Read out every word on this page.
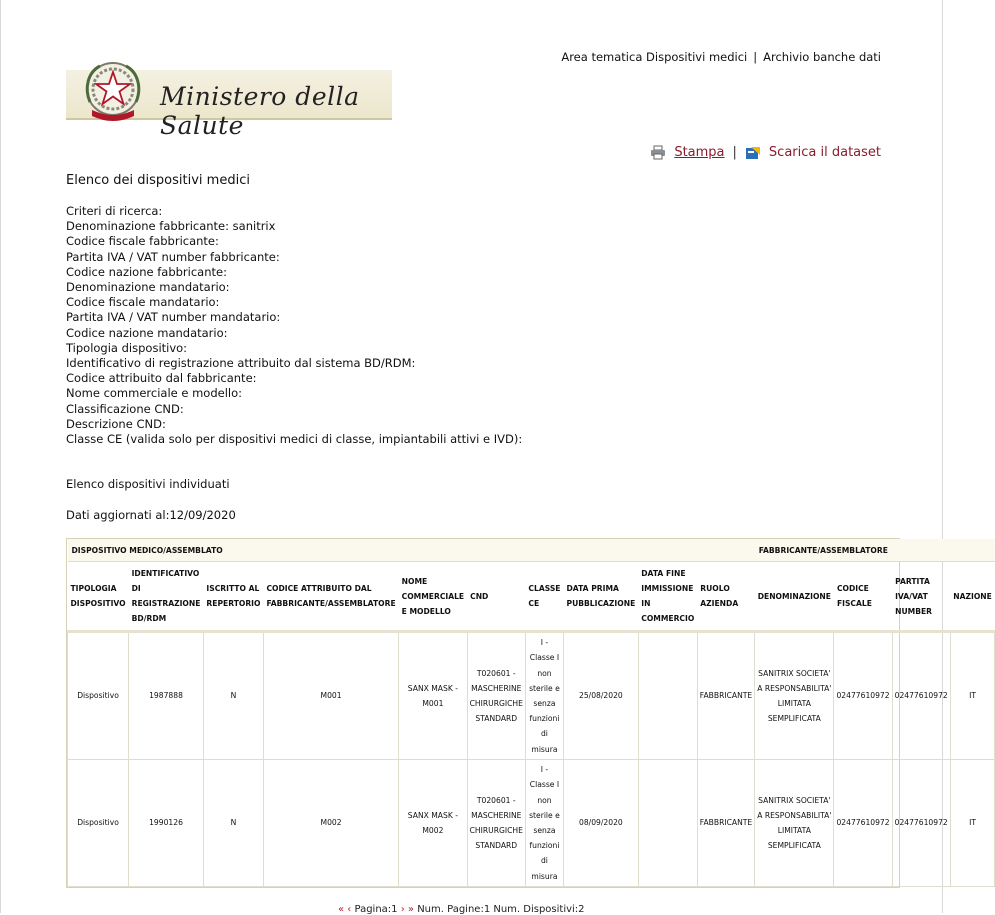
Area tematica Dispositivi medici | Archivio banche dati
Ministero della Salute
Stampa | Scarica il dataset
Elenco dei dispositivi medici
Criteri di ricerca:
Denominazione fabbricante: sanitrix
Codice fiscale fabbricante:
Partita IVA / VAT number fabbricante:
Codice nazione fabbricante:
Denominazione mandatario:
Codice fiscale mandatario:
Partita IVA / VAT number mandatario:
Codice nazione mandatario:
Tipologia dispositivo:
Identificativo di registrazione attribuito dal sistema BD/RDM:
Codice attribuito dal fabbricante:
Nome commerciale e modello:
Classificazione CND:
Descrizione CND:
Classe CE (valida solo per dispositivi medici di classe, impiantabili attivi e IVD):
Elenco dispositivi individuati
Dati aggiornati al:12/09/2020
DISPOSITIVO MEDICO/ASSEMBLATO										FABBRICANTE/ASSEMBLATORE			
TIPOLOGIA DISPOSITIVO	IDENTIFICATIVO DI REGISTRAZIONE BD/RDM	ISCRITTO AL REPERTORIO	CODICE ATTRIBUITO DAL FABBRICANTE/ASSEMBLATORE	NOME COMMERCIALE E MODELLO	CND	CLASSE CE	DATA PRIMA PUBBLICAZIONE	DATA FINE IMMISSIONE IN COMMERCIO	RUOLO AZIENDA	DENOMINAZIONE	CODICE FISCALE	PARTITA IVA/VAT NUMBER	NAZIONE
Dispositivo	1987888	N	M001	SANX MASK - M001	T020601 - MASCHERINE CHIRURGICHE STANDARD	I - Classe I non sterile e senza funzioni di misura	25/08/2020		FABBRICANTE	SANITRIX SOCIETA' A RESPONSABILITA' LIMITATA SEMPLIFICATA	02477610972	02477610972	IT
Dispositivo	1990126	N	M002	SANX MASK - M002	T020601 - MASCHERINE CHIRURGICHE STANDARD	I - Classe I non sterile e senza funzioni di misura	08/09/2020		FABBRICANTE	SANITRIX SOCIETA' A RESPONSABILITA' LIMITATA SEMPLIFICATA	02477610972	02477610972	IT
« ‹ Pagina:1 › » Num. Pagine:1 Num. Dispositivi:2
